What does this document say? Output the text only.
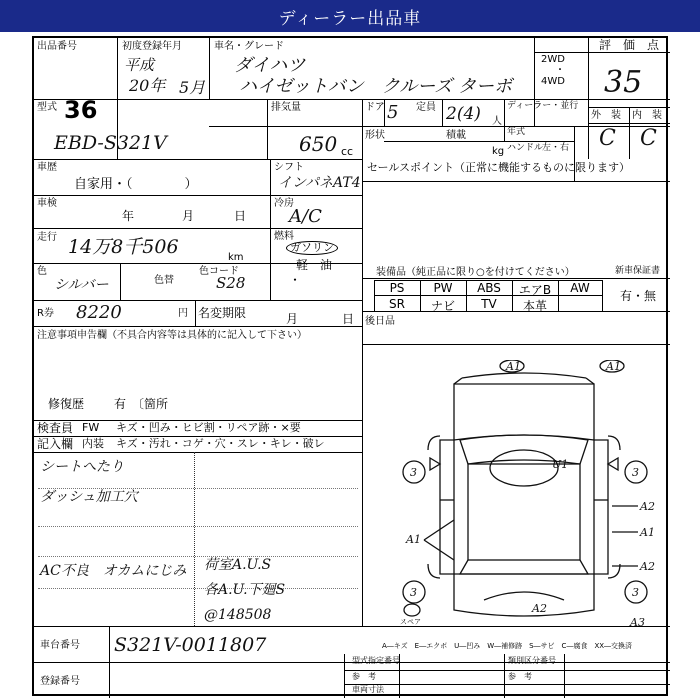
ディーラー出品車
出品番号
36
初度登録年月
平成
20年 5月
車名・グレード
ダイハツ
ハイゼットバン　クルーズ ターボ
2WD
・
4WD
評　価　点
35
外　装 内　装
C C
型式
EBD-S321V
排気量
650 cc
ドア 5 定員 2(4) 人
形状	積載
kg
ディーラー・並行
年式
ハンドル
左・右
車歴
自家用・（　　　　）
シフト
インパネAT4
車検
年	月	日
冷房
A/C
走行 14万8千506	km
燃料
ガソリン
軽　油
・
色
シルバー	色替
色コード
S28
R券 8220	円 名変期限	月	日
注意事項申告欄（不具合内容等は具体的に記入して下さい）
修復歴 有　〔箇所
検査員
記入欄
FW キズ・凹み・ヒビ割・リペア跡・×要
内装 キズ・汚れ・コゲ・穴・スレ・キレ・破レ
シートへたり
ダッシュ加工穴
AC不良　オカムにじみ 荷室A.U.S
各A.U.下廻S
@148508
セールスポイント（正常に機能するものに限ります）
装備品（純正品に限り○を付けてください）
PS	PW	ABS	エアB	AW
SR	ナビ	TV	本革
新車保証書
有・無
後日品
A1	A1
U1
3	3
A2
A1
A1
A2
3	3
A2
A3
スペア
A―キズ　E―エクボ　U―凹み　W―補修跡　S―サビ　C―腐食　XX―交換済
車台番号 S321V-0011807
登録番号
型式指定番号
参　考
類別区分番号
参　考
車両寸法
